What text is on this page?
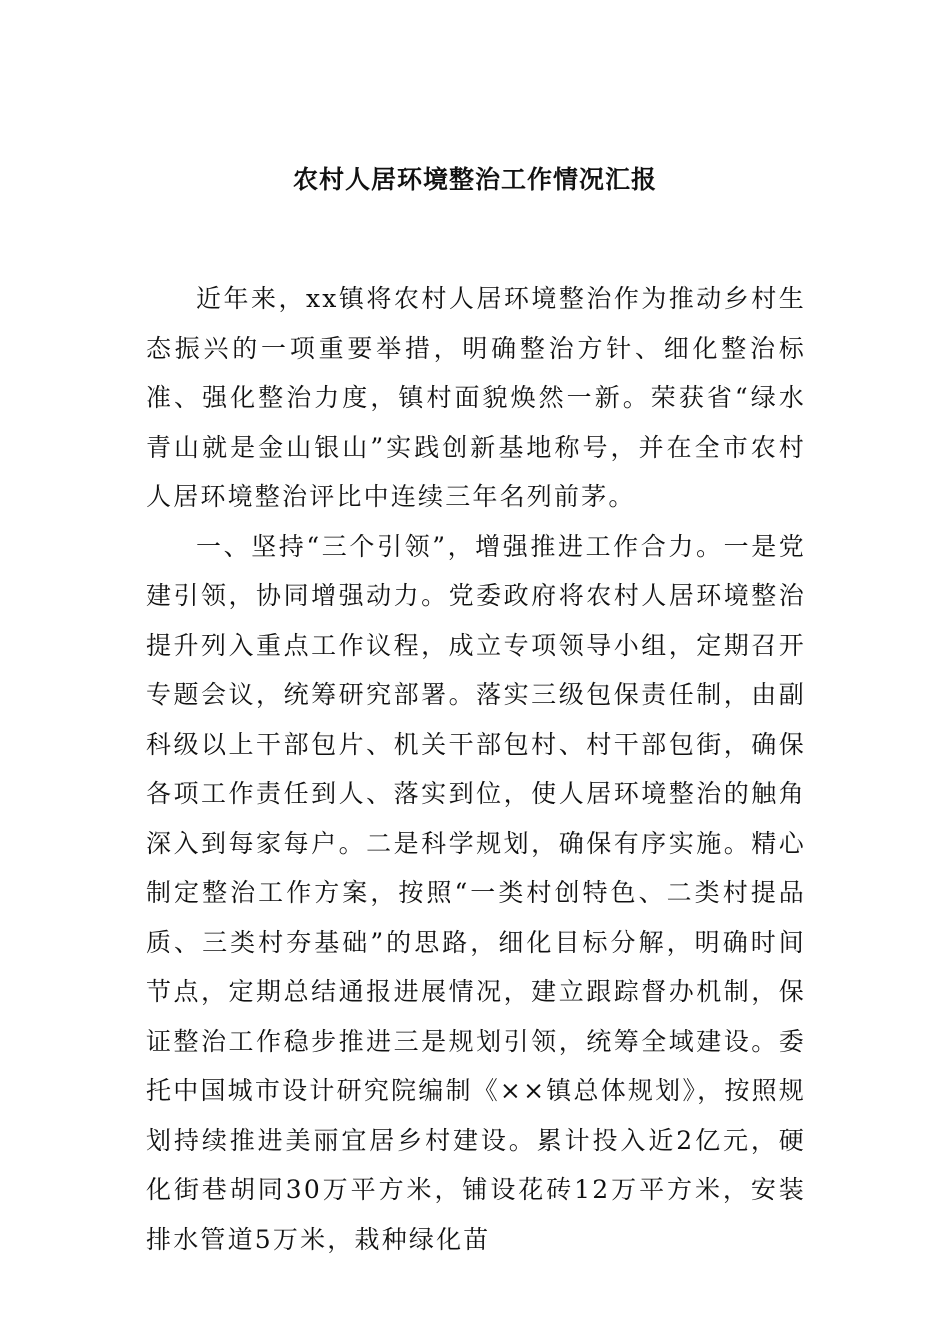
农村人居环境整治工作情况汇报

近年来，xx镇将农村人居环境整治作为推动乡村生态振兴的一项重要举措，明确整治方针、细化整治标准、强化整治力度，镇村面貌焕然一新。荣获省“绿水青山就是金山银山”实践创新基地称号，并在全市农村人居环境整治评比中连续三年名列前茅。

一、坚持“三个引领”，增强推进工作合力。一是党建引领，协同增强动力。党委政府将农村人居环境整治提升列入重点工作议程，成立专项领导小组，定期召开专题会议，统筹研究部署。落实三级包保责任制，由副科级以上干部包片、机关干部包村、村干部包街，确保各项工作责任到人、落实到位，使人居环境整治的触角深入到每家每户。二是科学规划，确保有序实施。精心制定整治工作方案，按照“一类村创特色、二类村提品质、三类村夯基础”的思路，细化目标分解，明确时间节点，定期总结通报进展情况，建立跟踪督办机制，保证整治工作稳步推进三是规划引领，统筹全域建设。委托中国城市设计研究院编制《××镇总体规划》，按照规划持续推进美丽宜居乡村建设。累计投入近2亿元，硬化街巷胡同30万平方米，铺设花砖12万平方米，安装排水管道5万米，栽种绿化苗
